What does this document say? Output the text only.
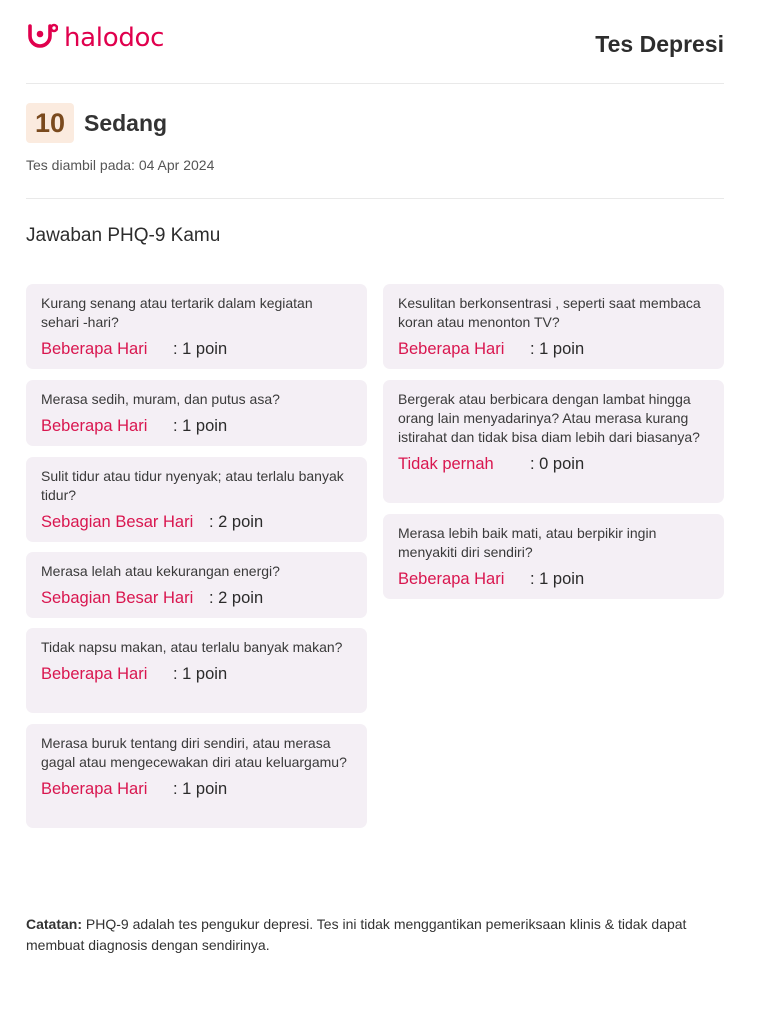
halodoc	Tes Depresi
10 Sedang
Tes diambil pada: 04 Apr 2024
Jawaban PHQ-9 Kamu
Kurang senang atau tertarik dalam kegiatan sehari -hari?
Beberapa Hari	: 1 poin
Merasa sedih, muram, dan putus asa?
Beberapa Hari	: 1 poin
Sulit tidur atau tidur nyenyak; atau terlalu banyak tidur?
Sebagian Besar Hari : 2 poin
Merasa lelah atau kekurangan energi?
Sebagian Besar Hari : 2 poin
Tidak napsu makan, atau terlalu banyak makan?
Beberapa Hari	: 1 poin
Merasa buruk tentang diri sendiri, atau merasa gagal atau mengecewakan diri atau keluargamu?
Beberapa Hari	: 1 poin
Kesulitan berkonsentrasi , seperti saat membaca koran atau menonton TV?
Beberapa Hari	: 1 poin
Bergerak atau berbicara dengan lambat hingga orang lain menyadarinya? Atau merasa kurang istirahat dan tidak bisa diam lebih dari biasanya?
Tidak pernah	: 0 poin
Merasa lebih baik mati, atau berpikir ingin menyakiti diri sendiri?
Beberapa Hari	: 1 poin
Catatan: PHQ-9 adalah tes pengukur depresi. Tes ini tidak menggantikan pemeriksaan klinis & tidak dapat membuat diagnosis dengan sendirinya.
